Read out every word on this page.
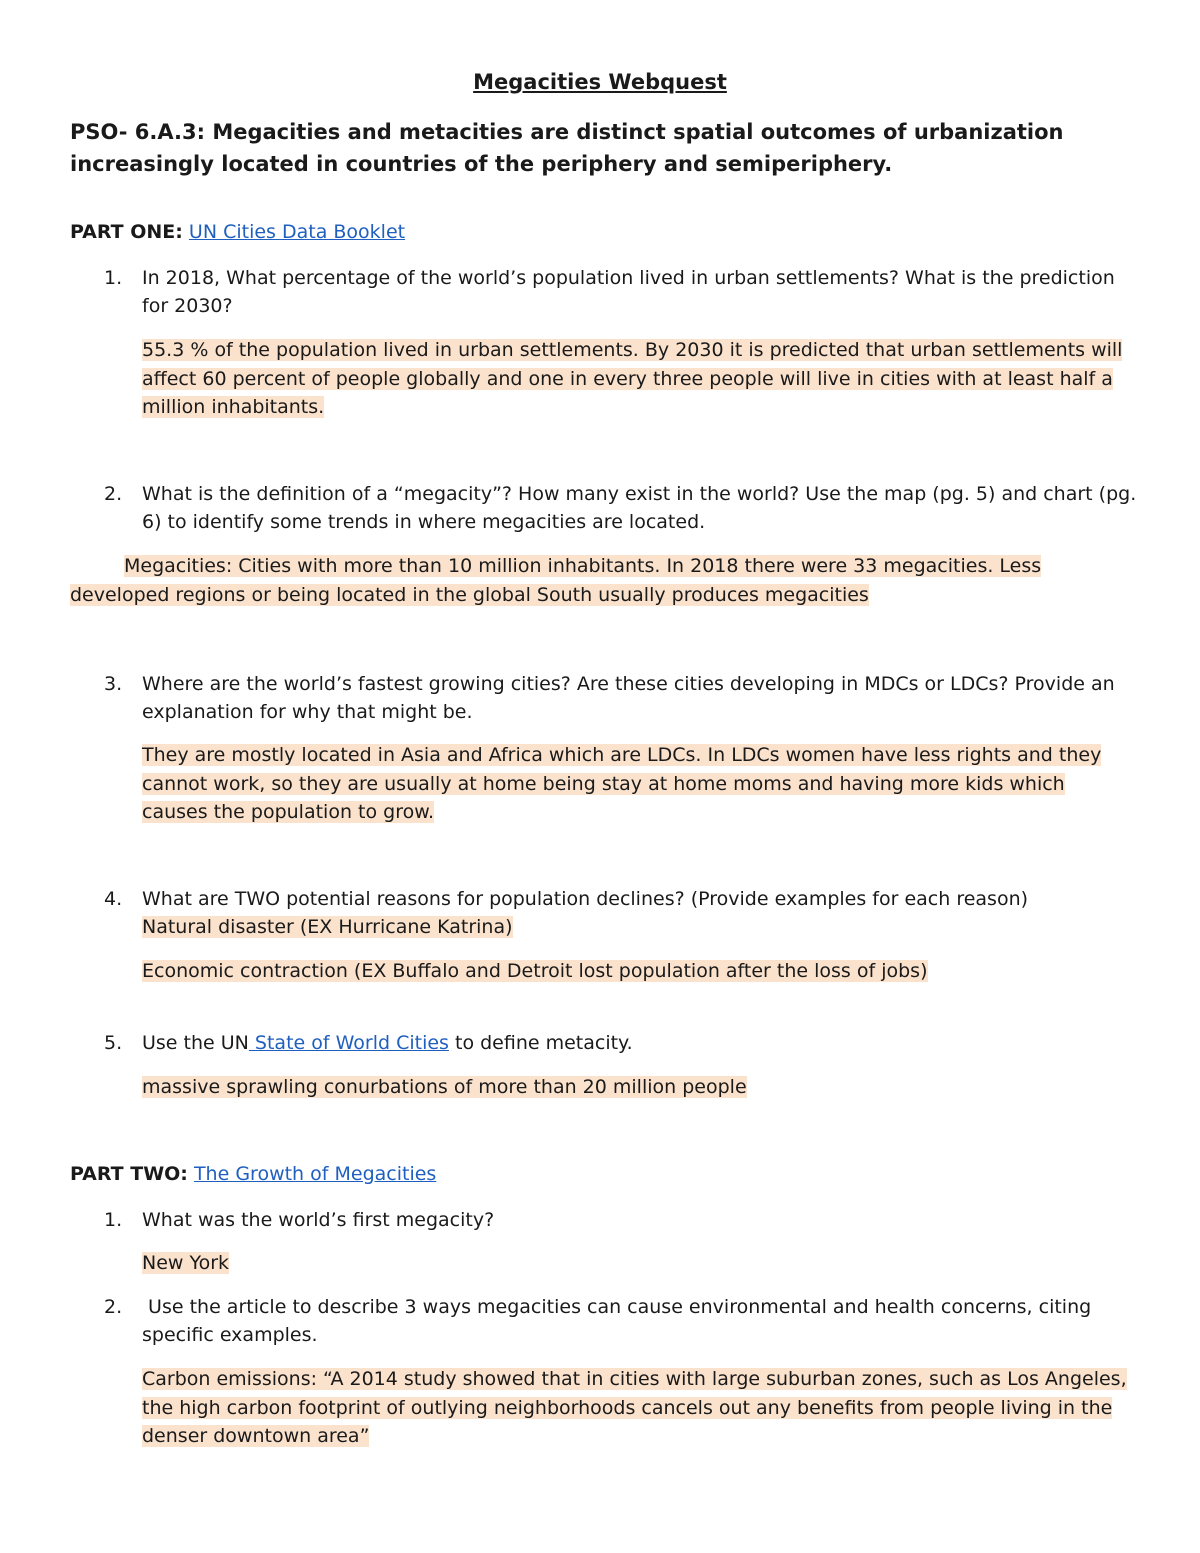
Megacities Webquest

PSO- 6.A.3: Megacities and metacities are distinct spatial outcomes of urbanization increasingly located in countries of the periphery and semiperiphery.

PART ONE: UN Cities Data Booklet

1. In 2018, What percentage of the world’s population lived in urban settlements? What is the prediction for 2030?

55.3 % of the population lived in urban settlements. By 2030 it is predicted that urban settlements will affect 60 percent of people globally and one in every three people will live in cities with at least half a million inhabitants.

2. What is the definition of a “megacity”? How many exist in the world? Use the map (pg. 5) and chart (pg. 6) to identify some trends in where megacities are located.

Megacities: Cities with more than 10 million inhabitants. In 2018 there were 33 megacities. Less developed regions or being located in the global South usually produces megacities

3. Where are the world’s fastest growing cities? Are these cities developing in MDCs or LDCs? Provide an explanation for why that might be.

They are mostly located in Asia and Africa which are LDCs. In LDCs women have less rights and they cannot work, so they are usually at home being stay at home moms and having more kids which causes the population to grow.

4. What are TWO potential reasons for population declines? (Provide examples for each reason)

Natural disaster (EX Hurricane Katrina)

Economic contraction (EX Buffalo and Detroit lost population after the loss of jobs)

5. Use the UN State of World Cities to define metacity.

massive sprawling conurbations of more than 20 million people

PART TWO: The Growth of Megacities

1. What was the world’s first megacity?

New York

2. Use the article to describe 3 ways megacities can cause environmental and health concerns, citing specific examples.

Carbon emissions: “A 2014 study showed that in cities with large suburban zones, such as Los Angeles, the high carbon footprint of outlying neighborhoods cancels out any benefits from people living in the denser downtown area”
